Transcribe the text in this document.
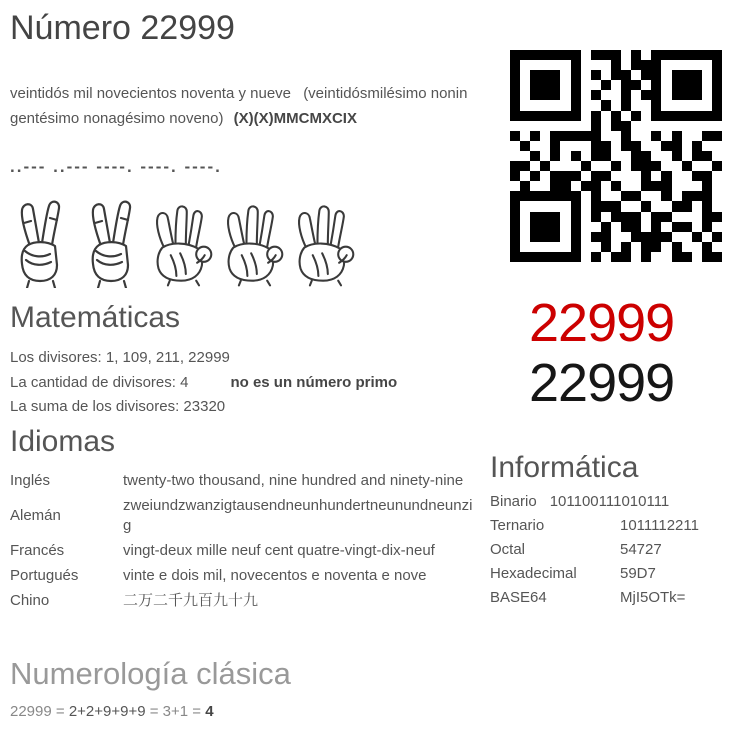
Número 22999

veintidós mil novecientos noventa y nueve (veintidósmilésimo noningentésimo nonagésimo noveno) (X)(X)MMCMXCIX

..--- ..--- ----. ----. ----.
Matemáticas
Los divisores: 1, 109, 211, 22999
La cantidad de divisores: 4	no es un número primo
La suma de los divisores: 23320
22999
22999
Idiomas
Inglés	twenty-two thousand, nine hundred and ninety-nine
Alemán	zweiundzwanzigtausendneunhundertneunundneunzig
Francés	vingt-deux mille neuf cent quatre-vingt-dix-neuf
Portugués	vinte e dois mil, novecentos e noventa e nove
Chino	二万二千九百九十九
Informática
Binario 101100111010111
Ternario	1011112211
Octal	54727
Hexadecimal	59D7
BASE64	MjI5OTk=
Numerología clásica
22999 = 2+2+9+9+9 = 3+1 = 4
